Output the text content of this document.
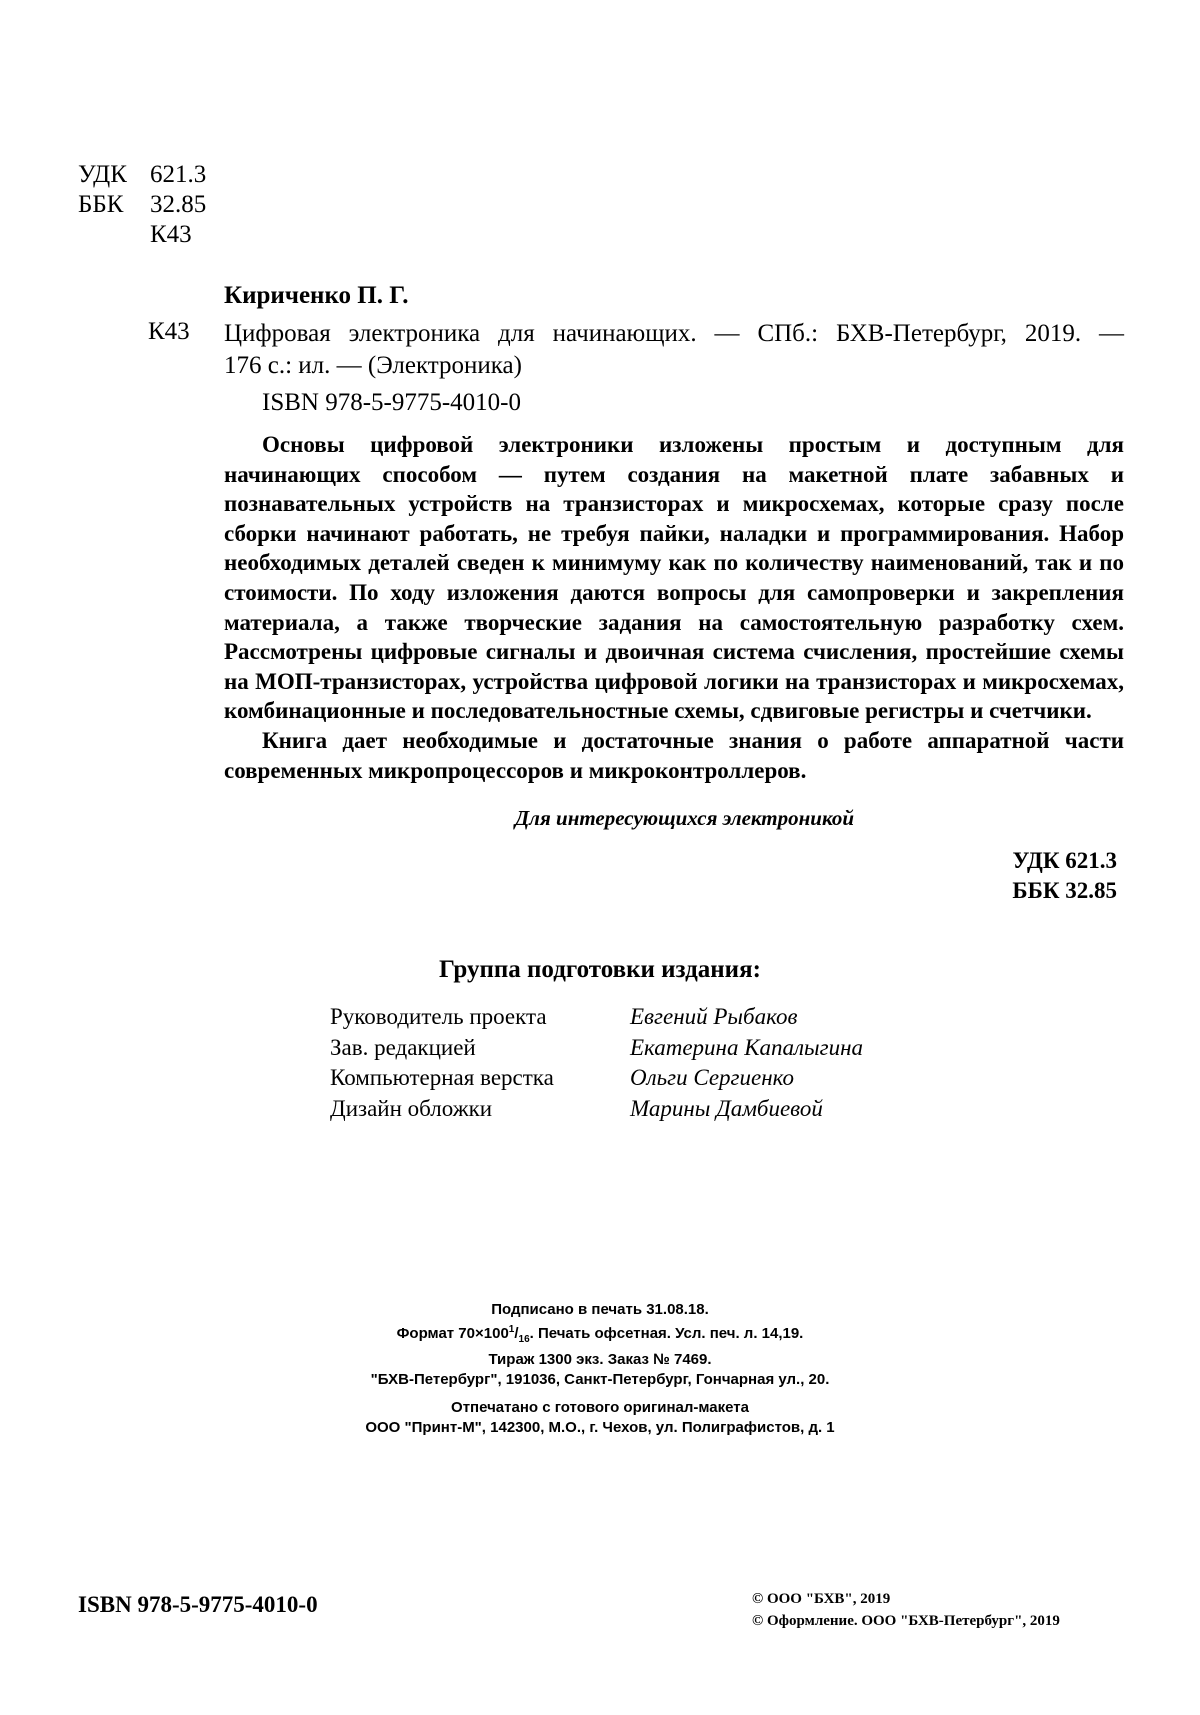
УДК 621.3
ББК 32.85
К43
Кириченко П. Г.
К43 Цифровая электроника для начинающих. — СПб.: БХВ-Петербург, 2019. —
176 с.: ил. — (Электроника)
ISBN 978-5-9775-4010-0

Основы цифровой электроники изложены простым и доступным для начинающих способом — путем создания на макетной плате забавных и познавательных устройств на транзисторах и микросхемах, которые сразу после сборки начинают работать, не требуя пайки, наладки и программирования. Набор необходимых деталей сведен к минимуму как по количеству наименований, так и по стоимости. По ходу изложения даются вопросы для самопроверки и закрепления материала, а также творческие задания на самостоятельную разработку схем. Рассмотрены цифровые сигналы и двоичная система счисления, простейшие схемы на МОП-транзисторах, устройства цифровой логики на транзисторах и микросхемах, комбинационные и последовательностные схемы, сдвиговые регистры и счетчики.

Книга дает необходимые и достаточные знания о работе аппаратной части современных микропроцессоров и микроконтроллеров.

Для интересующихся электроникой
УДК 621.3
ББК 32.85
Группа подготовки издания:
Руководитель проекта	Евгений Рыбаков
Зав. редакцией	Екатерина Капалыгина
Компьютерная верстка	Ольги Сергиенко
Дизайн обложки	Марины Дамбиевой
Подписано в печать 31.08.18.
Формат $70\times 100^1/_{16}$. Печать офсетная. Усл. печ. л. 14,19.
Тираж 1300 экз. Заказ № 7469.
"БХВ-Петербург", 191036, Санкт-Петербург, Гончарная ул., 20.
Отпечатано с готового оригинал-макета
ООО "Принт-М", 142300, М.О., г. Чехов, ул. Полиграфистов, д. 1
ISBN 978-5-9775-4010-0	© ООО "БХВ", 2019
© Оформление. ООО "БХВ-Петербург", 2019
